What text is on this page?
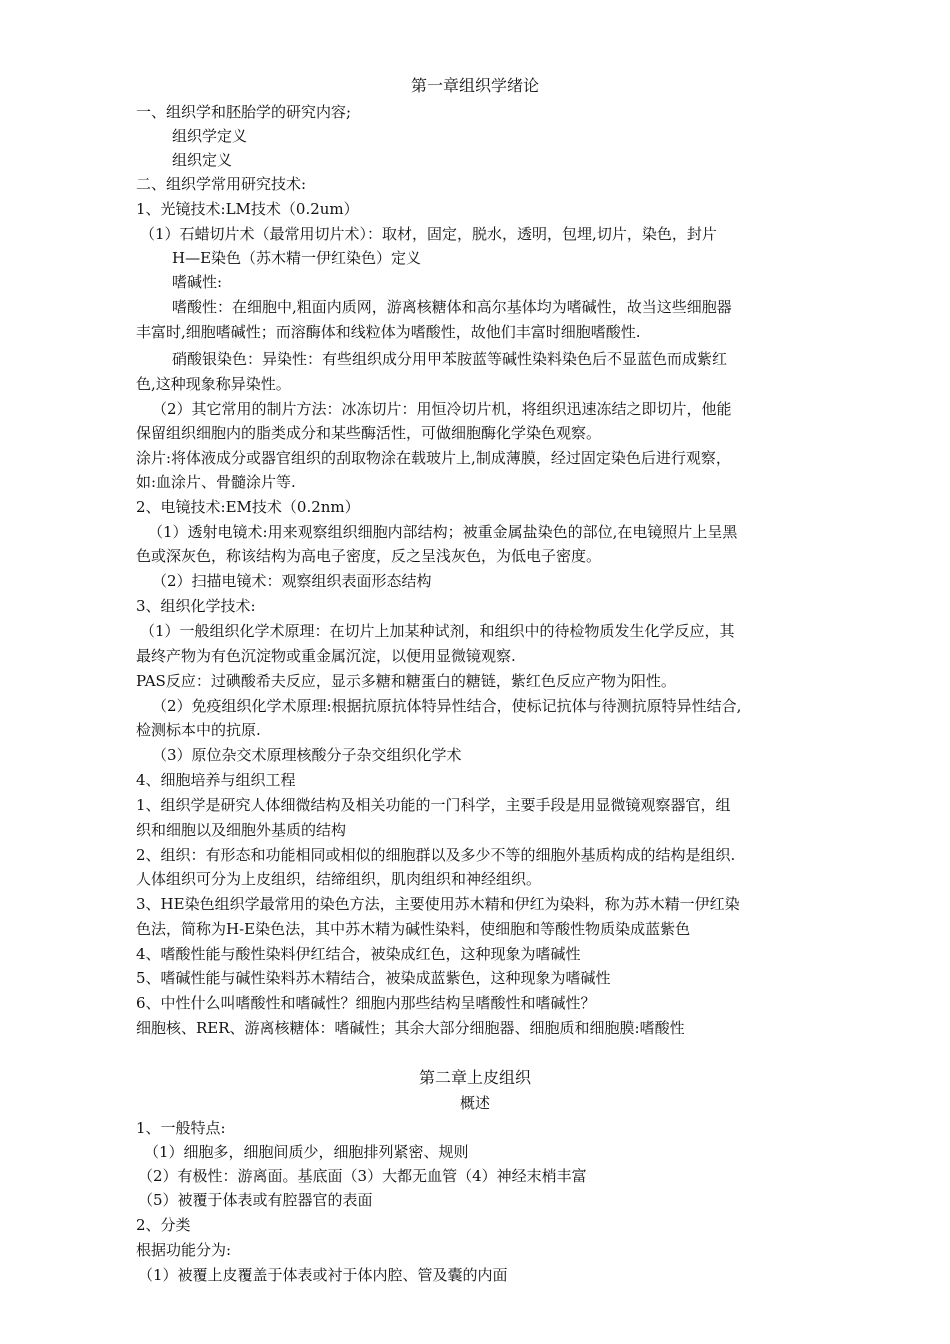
第一章组织学绪论
一、组织学和胚胎学的研究内容;
组织学定义
组织定义
二、组织学常用研究技术:
1、光镜技术:LM技术（0.2um）
（1）石蜡切片术（最常用切片术）：取材，固定，脱水，透明，包埋,切片，染色，封片
H—E染色（苏木精一伊红染色）定义
嗜碱性:
嗜酸性：在细胞中,粗面内质网，游离核糖体和高尔基体均为嗜碱性，故当这些细胞器
丰富时,细胞嗜碱性；而溶酶体和线粒体为嗜酸性，故他们丰富时细胞嗜酸性.
硝酸银染色：异染性：有些组织成分用甲苯胺蓝等碱性染料染色后不显蓝色而成紫红
色,这种现象称异染性。
（2）其它常用的制片方法：冰冻切片：用恒冷切片机，将组织迅速冻结之即切片，他能
保留组织细胞内的脂类成分和某些酶活性，可做细胞酶化学染色观察。
涂片:将体液成分或器官组织的刮取物涂在载玻片上,制成薄膜，经过固定染色后进行观察，
如:血涂片、骨髓涂片等.
2、电镜技术:EM技术（0.2nm）
（1）透射电镜术:用来观察组织细胞内部结构；被重金属盐染色的部位,在电镜照片上呈黑
色或深灰色，称该结构为高电子密度，反之呈浅灰色，为低电子密度。
（2）扫描电镜术：观察组织表面形态结构
3、组织化学技术:
（1）一般组织化学术原理：在切片上加某种试剂，和组织中的待检物质发生化学反应，其
最终产物为有色沉淀物或重金属沉淀，以便用显微镜观察.
PAS反应：过碘酸希夫反应，显示多糖和糖蛋白的糖链，紫红色反应产物为阳性。
（2）免疫组织化学术原理:根据抗原抗体特异性结合，使标记抗体与待测抗原特异性结合,
检测标本中的抗原.
（3）原位杂交术原理核酸分子杂交组织化学术
4、细胞培养与组织工程
1、组织学是研究人体细微结构及相关功能的一门科学，主要手段是用显微镜观察器官，组
织和细胞以及细胞外基质的结构
2、组织：有形态和功能相同或相似的细胞群以及多少不等的细胞外基质构成的结构是组织.
人体组织可分为上皮组织，结缔组织，肌肉组织和神经组织。
3、HE染色组织学最常用的染色方法，主要使用苏木精和伊红为染料，称为苏木精一伊红染
色法，简称为H-E染色法，其中苏木精为碱性染料，使细胞和等酸性物质染成蓝紫色
4、嗜酸性能与酸性染料伊红结合，被染成红色，这种现象为嗜碱性
5、嗜碱性能与碱性染料苏木精结合，被染成蓝紫色，这种现象为嗜碱性
6、中性什么叫嗜酸性和嗜碱性？细胞内那些结构呈嗜酸性和嗜碱性？
细胞核、RER、游离核糖体：嗜碱性；其余大部分细胞器、细胞质和细胞膜:嗜酸性
第二章上皮组织
概述
1、一般特点:
（1）细胞多，细胞间质少，细胞排列紧密、规则
（2）有极性：游离面。基底面（3）大都无血管（4）神经末梢丰富
（5）被覆于体表或有腔器官的表面
2、分类
根据功能分为:
（1）被覆上皮覆盖于体表或衬于体内腔、管及囊的内面
